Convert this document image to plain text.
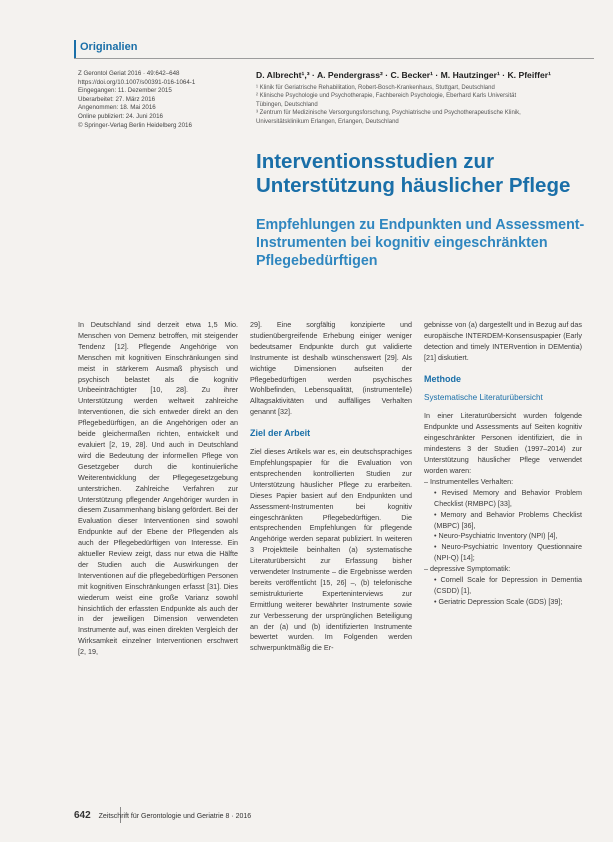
Originalien
Z Gerontol Geriat 2016 · 49:642–648
https://doi.org/10.1007/s00391-016-1064-1
Eingegangen: 11. Dezember 2015
Überarbeitet: 27. März 2016
Angenommen: 18. Mai 2016
Online publiziert: 24. Juni 2016
© Springer-Verlag Berlin Heidelberg 2016
D. Albrecht¹,³ · A. Pendergrass² · C. Becker¹ · M. Hautzinger¹ · K. Pfeiffer¹
¹ Klinik für Geriatrische Rehabilitation, Robert-Bosch-Krankenhaus, Stuttgart, Deutschland
² Klinische Psychologie und Psychotherapie, Fachbereich Psychologie, Eberhard Karls Universität
Tübingen, Deutschland
³ Zentrum für Medizinische Versorgungsforschung, Psychiatrische und Psychotherapeutische Klinik,
Universitätsklinikum Erlangen, Erlangen, Deutschland
Interventionsstudien zur Unterstützung häuslicher Pflege
Empfehlungen zu Endpunkten und Assessment-Instrumenten bei kognitiv eingeschränkten Pflegebedürftigen

In Deutschland sind derzeit etwa 1,5 Mio. Menschen von Demenz betroffen, mit steigender Tendenz [12]. Pflegende Angehörige von Menschen mit kognitiven Einschränkungen sind meist in stärkerem Ausmaß physisch und psychisch belastet als die kognitiv Unbeeinträchtigter [10, 28]. Zu ihrer Unterstützung werden weltweit zahlreiche Interventionen, die sich entweder direkt an den Pflegebedürftigen, an die Angehörigen oder an beide gleichermaßen richten, entwickelt und evaluiert [2, 19, 28]. Und auch in Deutschland wird die Bedeutung der informellen Pflege von Gesetzgeber durch die kontinuierliche Weiterentwicklung der Pflegegesetzgebung unterstrichen. Zahlreiche Verfahren zur Unterstützung pflegender Angehöriger wurden in diesem Zusammenhang bislang gefördert. Bei der Evaluation dieser Interventionen sind sowohl Endpunkte auf der Ebene der Pflegenden als auch der Pflegebedürftigen von Interesse. Ein aktueller Review zeigt, dass nur etwa die Hälfte der Studien auch die Auswirkungen der Interventionen auf die pflegebedürftigen Personen mit kognitiven Einschränkungen erfasst [31]. Dies wiederum weist eine große Varianz sowohl hinsichtlich der erfassten Endpunkte als auch der in der jeweiligen Dimension verwendeten Instrumente auf, was einen direkten Vergleich der Wirksamkeit einzelner Interventionen erschwert [2, 19,

29]. Eine sorgfältig konzipierte und studienübergreifende Erhebung einiger weniger bedeutsamer Endpunkte durch gut validierte Instrumente ist deshalb wünschenswert [29]. Als wichtige Dimensionen aufseiten der Pflegebedürftigen werden psychisches Wohlbefinden, Lebensqualität, (instrumentelle) Alltagsaktivitäten und auffälliges Verhalten genannt [32].

Ziel der Arbeit

Ziel dieses Artikels war es, ein deutschsprachiges Empfehlungspapier für die Evaluation von entsprechenden kontrollierten Studien zur Unterstützung häuslicher Pflege zu erarbeiten. Dieses Papier basiert auf den Endpunkten und Assessment-Instrumenten bei kognitiv eingeschränkten Pflegebedürftigen. Die entsprechenden Empfehlungen für pflegende Angehörige werden separat publiziert. In weiteren 3 Projektteile beinhalten (a) systematische Literaturübersicht zur Erfassung bisher verwendeter Instrumente – die Ergebnisse werden bereits veröffentlicht [15, 26] –, (b) telefonische semistrukturierte Experteninterviews zur Ermittlung weiterer bewährter Instrumente sowie zur Verbesserung der ursprünglichen Beteiligung an der (a) und (b) identifizierten Instrumente bewertet wurden. Im Folgenden werden schwerpunktmäßig die Er-

gebnisse von (a) dargestellt und in Bezug auf das europäische INTERDEM-Konsensuspapier (Early detection and timely INTERvention in DEMentia) [21] diskutiert.

Methode
Systematische Literaturübersicht

In einer Literaturübersicht wurden folgende Endpunkte und Assessments auf Seiten kognitiv eingeschränkter Personen identifiziert, die in mindestens 3 der Studien (1997–2014) zur Unterstützung häuslicher Pflege verwendet worden waren:

– Instrumentelles Verhalten:
• Revised Memory and Behavior Problem Checklist (RMBPC) [33],
• Memory and Behavior Problems Checklist (MBPC) [36],
• Neuro-Psychiatric Inventory (NPI) [4],
• Neuro-Psychiatric Inventory Questionnaire (NPI-Q) [14];
– depressive Symptomatik:
• Cornell Scale for Depression in Dementia (CSDD) [1],
• Geriatric Depression Scale (GDS) [39];
642 Zeitschrift für Gerontologie und Geriatrie 8 · 2016
